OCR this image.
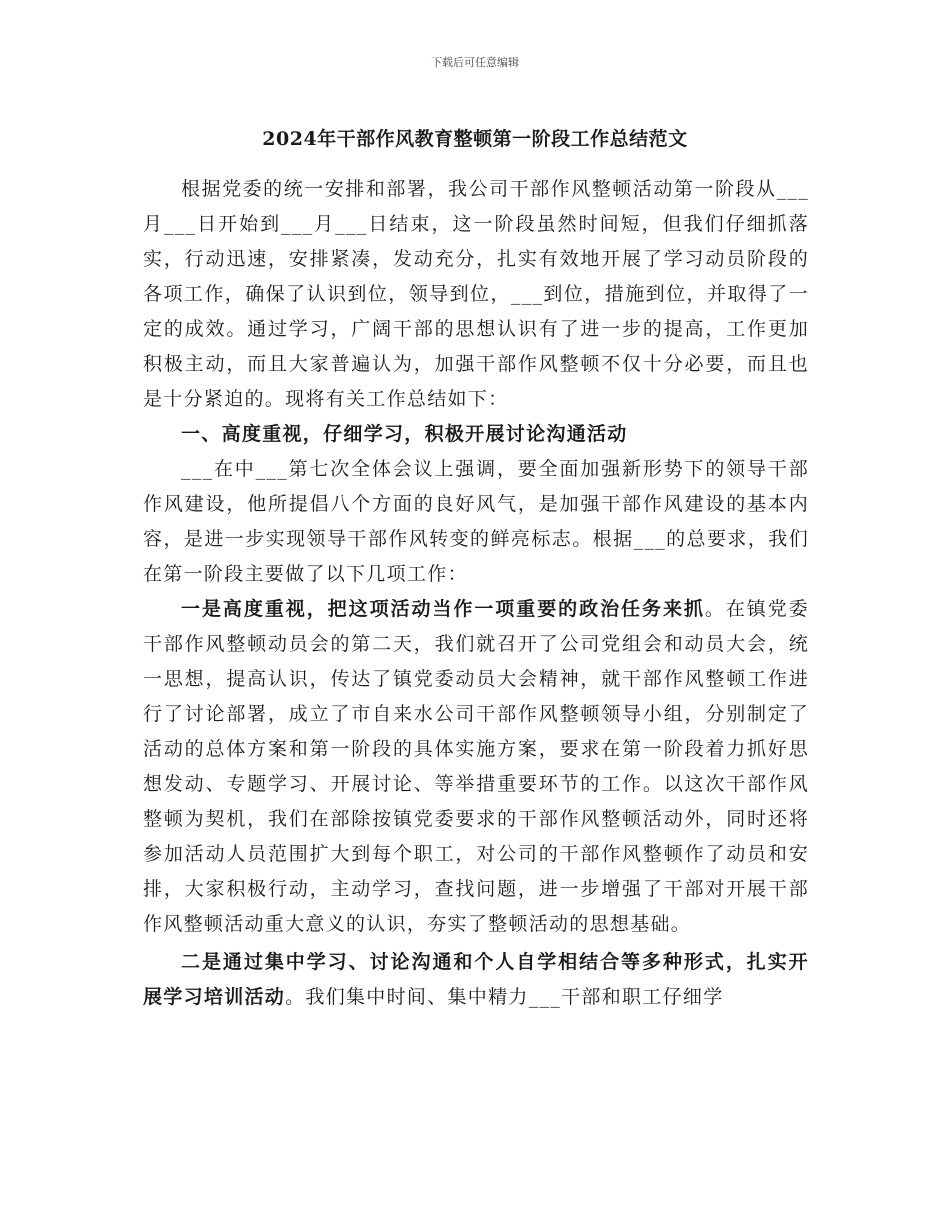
下载后可任意编辑
2024年干部作风教育整顿第一阶段工作总结范文

根据党委的统一安排和部署，我公司干部作风整顿活动第一阶段从___月___日开始到___月___日结束，这一阶段虽然时间短，但我们仔细抓落实，行动迅速，安排紧凑，发动充分，扎实有效地开展了学习动员阶段的各项工作，确保了认识到位，领导到位，___到位，措施到位，并取得了一定的成效。通过学习，广阔干部的思想认识有了进一步的提高，工作更加积极主动，而且大家普遍认为，加强干部作风整顿不仅十分必要，而且也是十分紧迫的。现将有关工作总结如下：

一、高度重视，仔细学习，积极开展讨论沟通活动

___在中___第七次全体会议上强调，要全面加强新形势下的领导干部作风建设，他所提倡八个方面的良好风气，是加强干部作风建设的基本内容，是进一步实现领导干部作风转变的鲜亮标志。根据___的总要求，我们在第一阶段主要做了以下几项工作：

一是高度重视，把这项活动当作一项重要的政治任务来抓。在镇党委干部作风整顿动员会的第二天，我们就召开了公司党组会和动员大会，统一思想，提高认识，传达了镇党委动员大会精神，就干部作风整顿工作进行了讨论部署，成立了市自来水公司干部作风整顿领导小组，分别制定了活动的总体方案和第一阶段的具体实施方案，要求在第一阶段着力抓好思想发动、专题学习、开展讨论、等举措重要环节的工作。以这次干部作风整顿为契机，我们在部除按镇党委要求的干部作风整顿活动外，同时还将参加活动人员范围扩大到每个职工，对公司的干部作风整顿作了动员和安排，大家积极行动，主动学习，查找问题，进一步增强了干部对开展干部作风整顿活动重大意义的认识，夯实了整顿活动的思想基础。

二是通过集中学习、讨论沟通和个人自学相结合等多种形式，扎实开展学习培训活动。我们集中时间、集中精力___干部和职工仔细学
